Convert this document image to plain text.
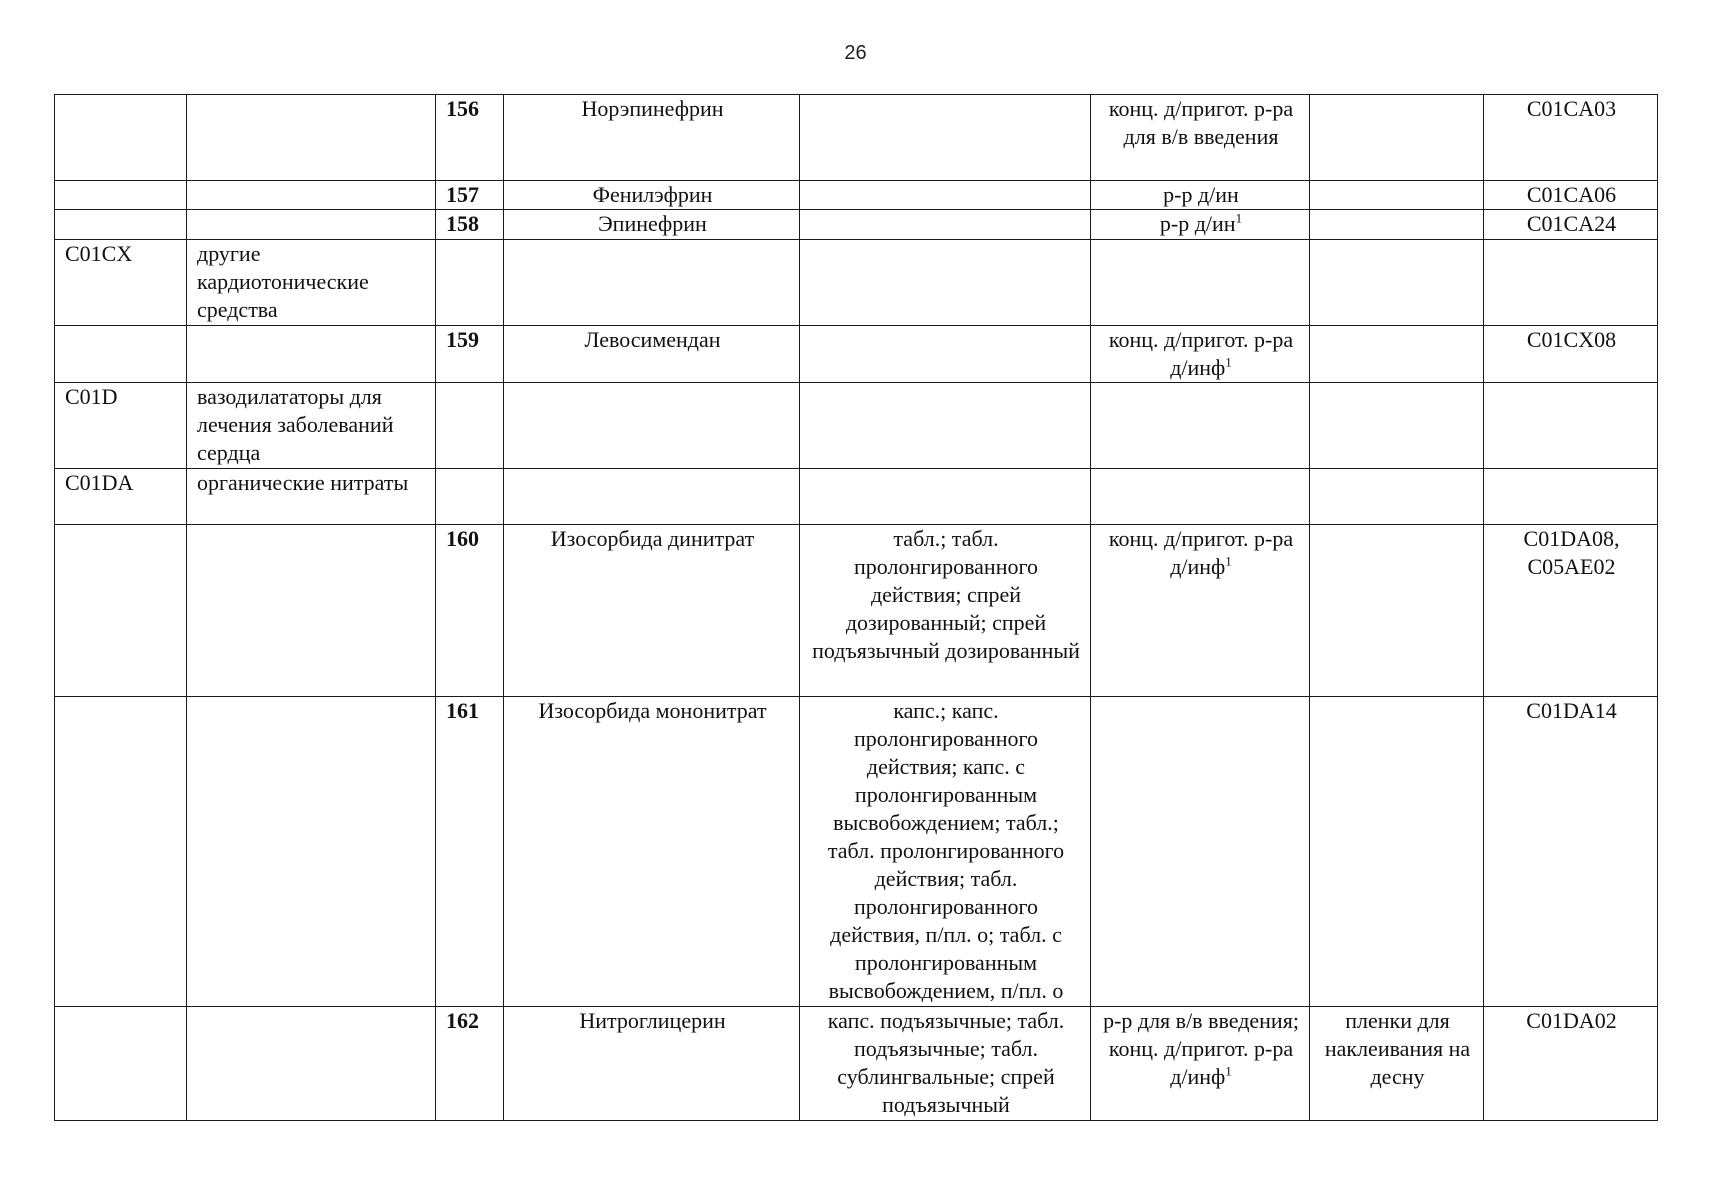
26
		156	Норэпинефрин		конц. д/пригот. р-ра для в/в введения		C01CA03
		157	Фенилэфрин		р-р д/ин		C01CA06
		158	Эпинефрин		р-р $д/ин^1$		C01CA24
C01CX	другие кардиотонические средства						
		159	Левосимендан		конц. д/пригот. р-ра д/инф$^1$		C01CX08
C01D	вазодилататоры для лечения заболеваний сердца						
C01DA	органические нитраты						
		160	Изосорбида динитрат	табл.; табл. пролонгированного действия; спрей дозированный; спрей подъязычный дозированный	конц. д/пригот. р-ра д/инф$^1$		C01DA08, C05AE02
		161	Изосорбида мононитрат	капс.; капс. пролонгированного действия; капс. с пролонгированным высвобождением; табл.; табл. пролонгированного действия; табл. пролонгированного действия, п/пл. о; табл. с пролонгированным высвобождением, п/пл. о			C01DA14
		162	Нитроглицерин	капс. подъязычные; табл. подъязычные; табл. сублингвальные; спрей подъязычный	р-р для в/в введения; конц. д/пригот. р-ра д/инф$^1$	пленки для наклеивания на десну	C01DA02
